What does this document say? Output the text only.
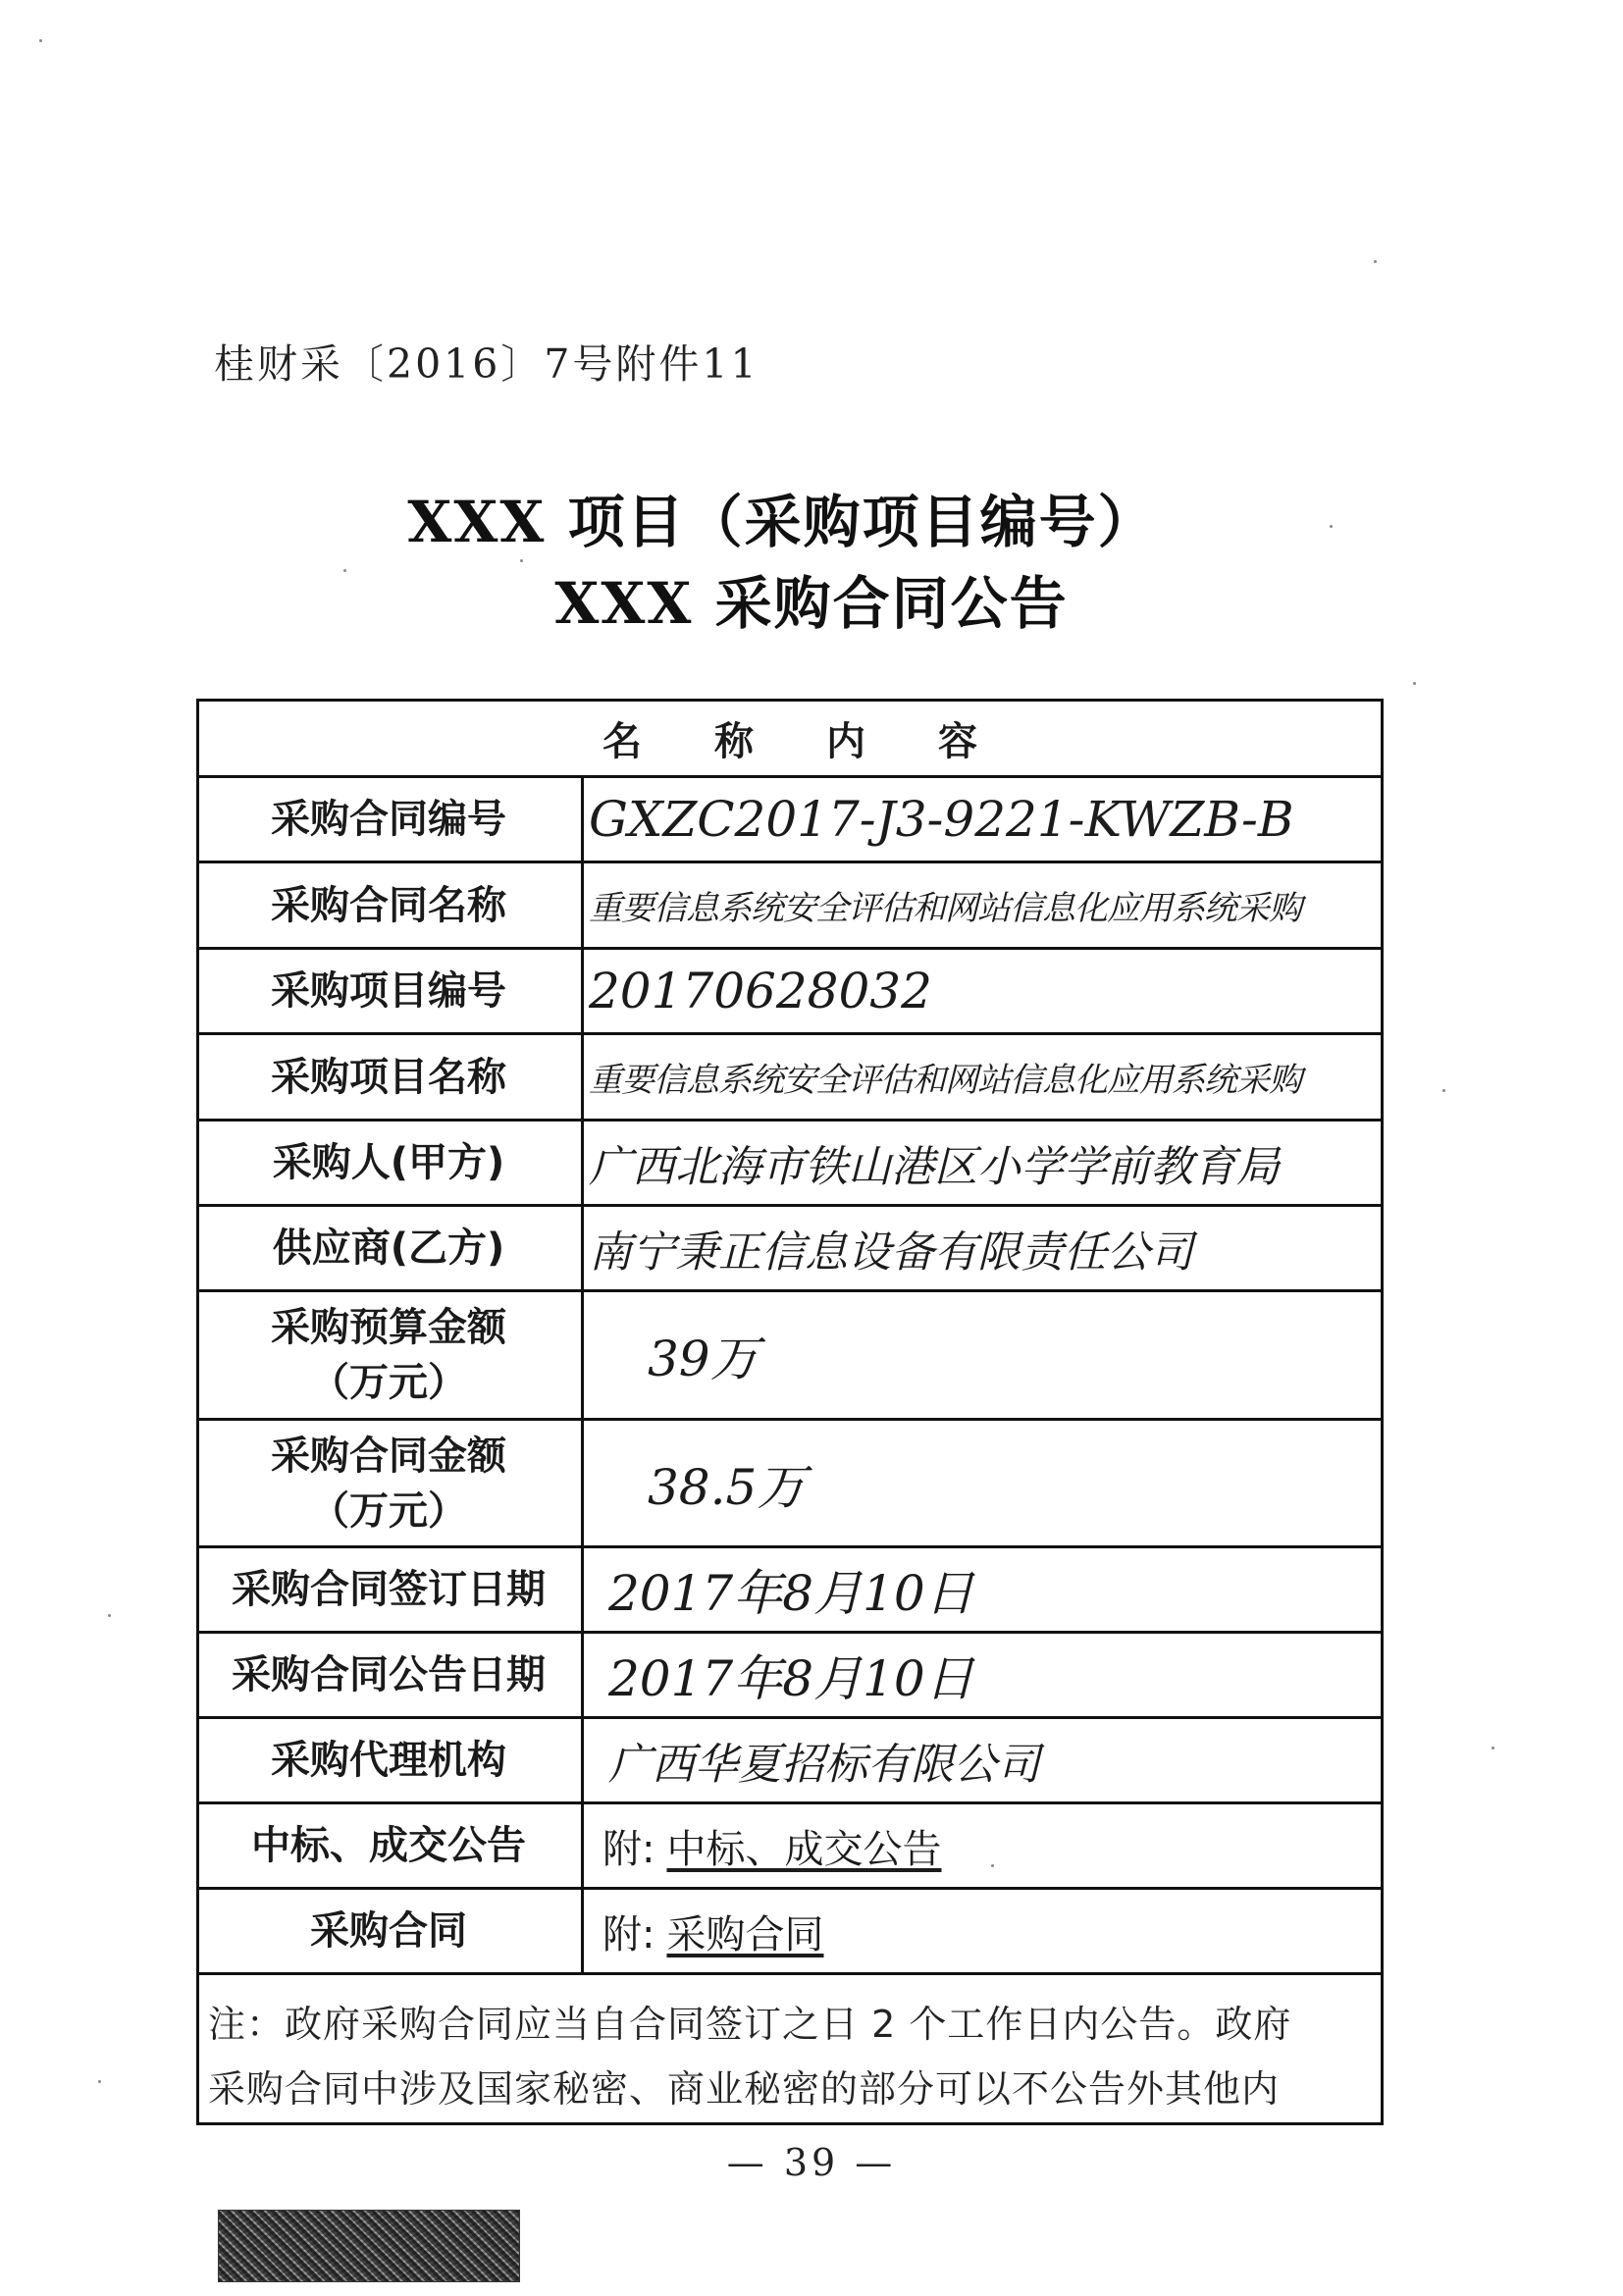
桂财采〔2016〕7号附件11
XXX 项目（采购项目编号）
XXX 采购合同公告
名称内容
采购合同编号	GXZC2017-J3-9221-KWZB-B
采购合同名称	重要信息系统安全评估和网站信息化应用系统采购
采购项目编号	20170628032
采购项目名称	重要信息系统安全评估和网站信息化应用系统采购
采购人(甲方)	广西北海市铁山港区小学学前教育局
供应商(乙方)	南宁秉正信息设备有限责任公司
采购预算金额
（万元）	39万
采购合同金额
（万元）	38.5万
采购合同签订日期	2017年8月10日
采购合同公告日期	2017年8月10日
采购代理机构	广西华夏招标有限公司
中标、成交公告	附: 中标、成交公告
采购合同	附: 采购合同
注：政府采购合同应当自合同签订之日 2 个工作日内公告。政府
采购合同中涉及国家秘密、商业秘密的部分可以不公告外其他内
— 39 —
